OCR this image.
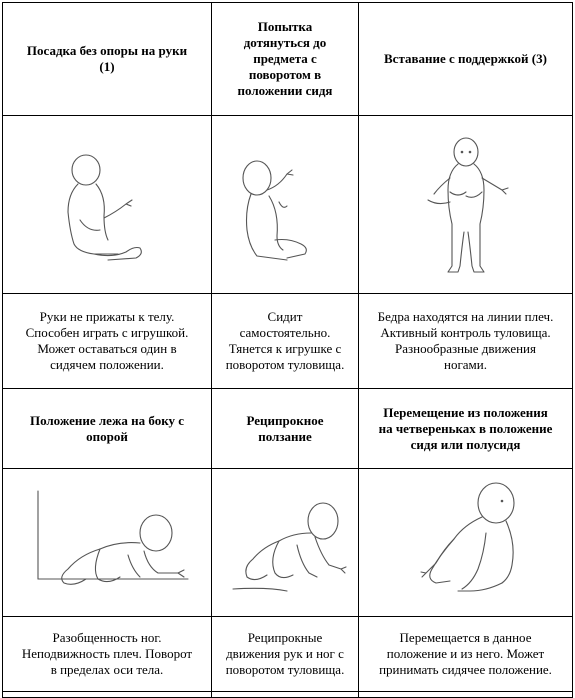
Посадка без опоры на руки
(1)	Попытка
дотянуться до
предмета с
поворотом в
положении сидя	Вставание с поддержкой (3)

Руки не прижаты к телу.
Способен играть с игрушкой.
Может оставаться один в
сидячем положении.	Сидит
самостоятельно.
Тянется к игрушке с
поворотом туловища.	Бедра находятся на линии плеч.
Активный контроль туловища.
Разнообразные движения
ногами.

Положение лежа на боку с
опорой	Реципрокное
ползание	Перемещение из положения
на четвереньках в положение
сидя или полусидя

Разобщенность ног.
Неподвижность плеч. Поворот
в пределах оси тела.	Реципрокные
движения рук и ног с
поворотом туловища.	Перемещается в данное
положение и из него. Может
принимать сидячее положение.
